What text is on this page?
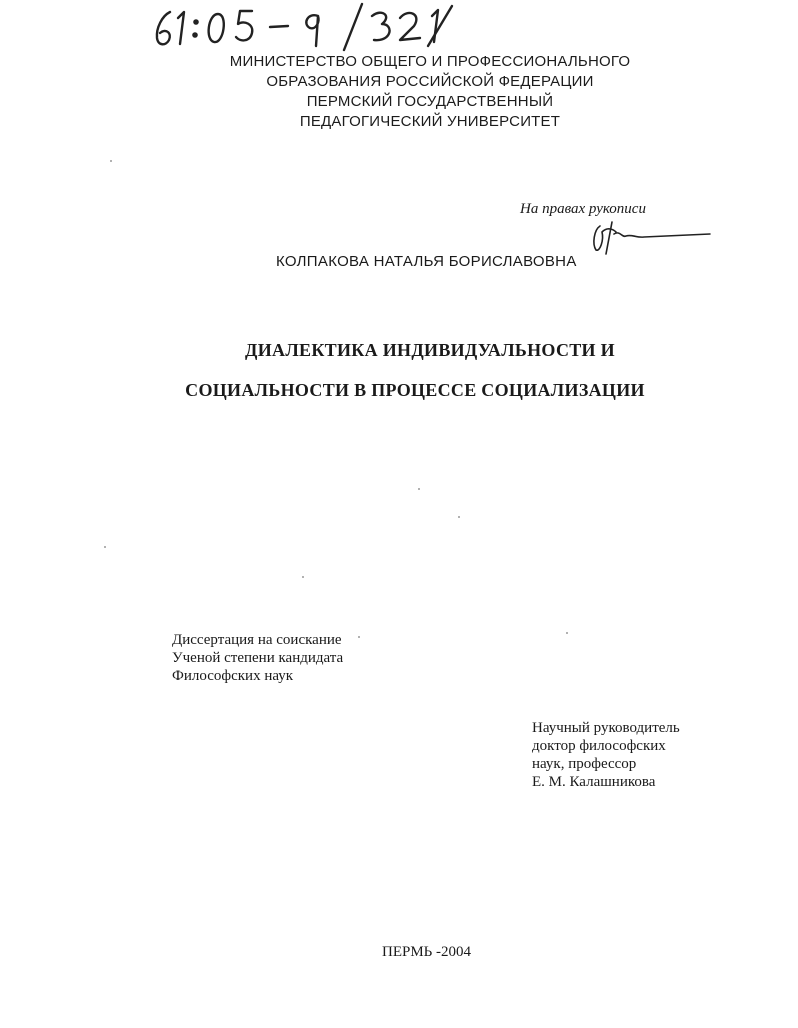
МИНИСТЕРСТВО ОБЩЕГО И ПРОФЕССИОНАЛЬНОГО
ОБРАЗОВАНИЯ РОССИЙСКОЙ ФЕДЕРАЦИИ
ПЕРМСКИЙ ГОСУДАРСТВЕННЫЙ
ПЕДАГОГИЧЕСКИЙ УНИВЕРСИТЕТ
На правах рукописи
КОЛПАКОВА НАТАЛЬЯ БОРИСЛАВОВНА
ДИАЛЕКТИКА ИНДИВИДУАЛЬНОСТИ И
СОЦИАЛЬНОСТИ В ПРОЦЕССЕ СОЦИАЛИЗАЦИИ
Диссертация на соискание
Ученой степени кандидата
Философских наук
Научный руководитель
доктор философских
наук, профессор
Е. М. Калашникова
ПЕРМЬ -2004
